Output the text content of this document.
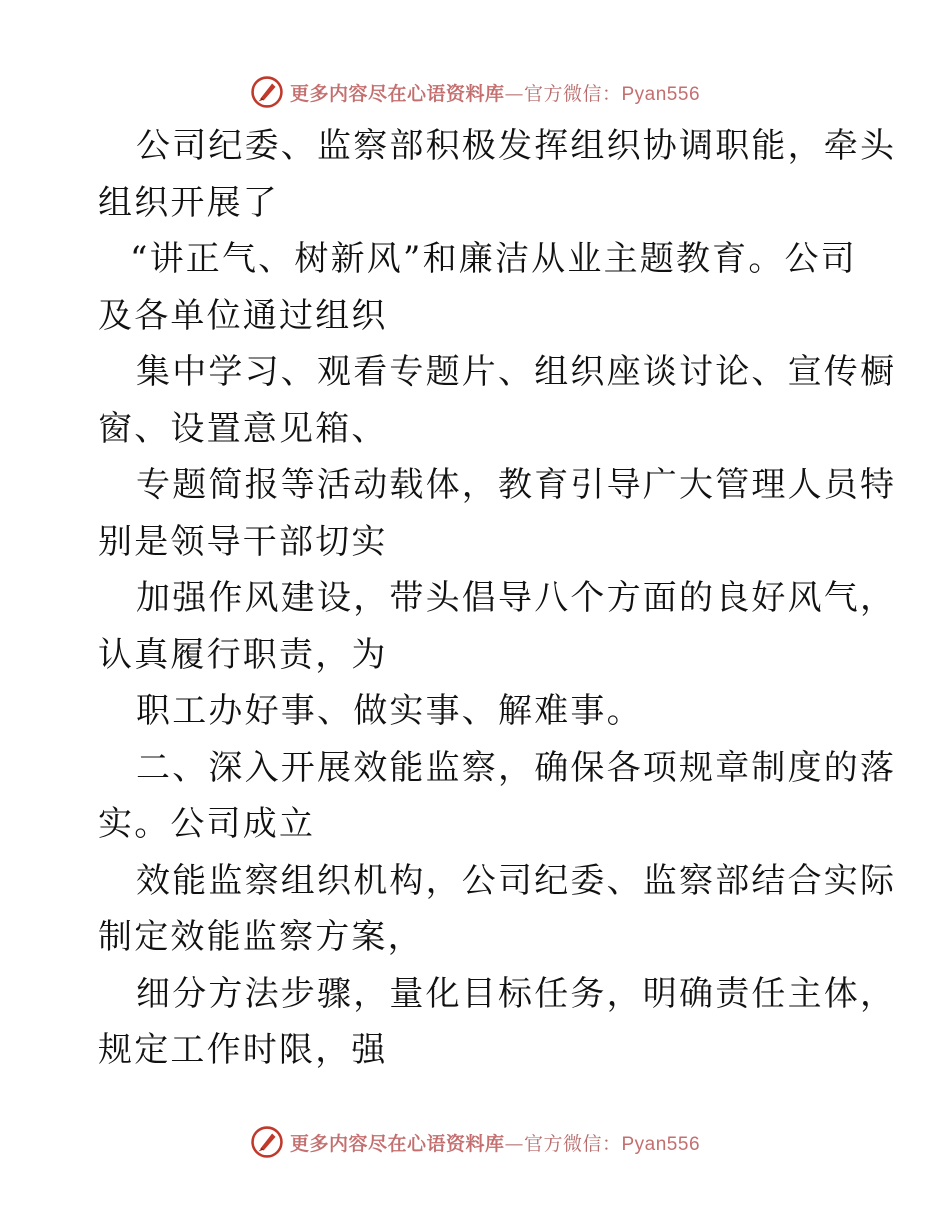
更多内容尽在心语资料库—官方微信：Pyan556
公司纪委、监察部积极发挥组织协调职能，牵头
组织开展了
“讲正气、树新风”和廉洁从业主题教育。公司
及各单位通过组织
集中学习、观看专题片、组织座谈讨论、宣传橱
窗、设置意见箱、
专题简报等活动载体，教育引导广大管理人员特
别是领导干部切实
加强作风建设，带头倡导八个方面的良好风气，
认真履行职责，为
职工办好事、做实事、解难事。
二、深入开展效能监察，确保各项规章制度的落
实。公司成立
效能监察组织机构，公司纪委、监察部结合实际
制定效能监察方案，
细分方法步骤，量化目标任务，明确责任主体，
规定工作时限，强
更多内容尽在心语资料库—官方微信：Pyan556
